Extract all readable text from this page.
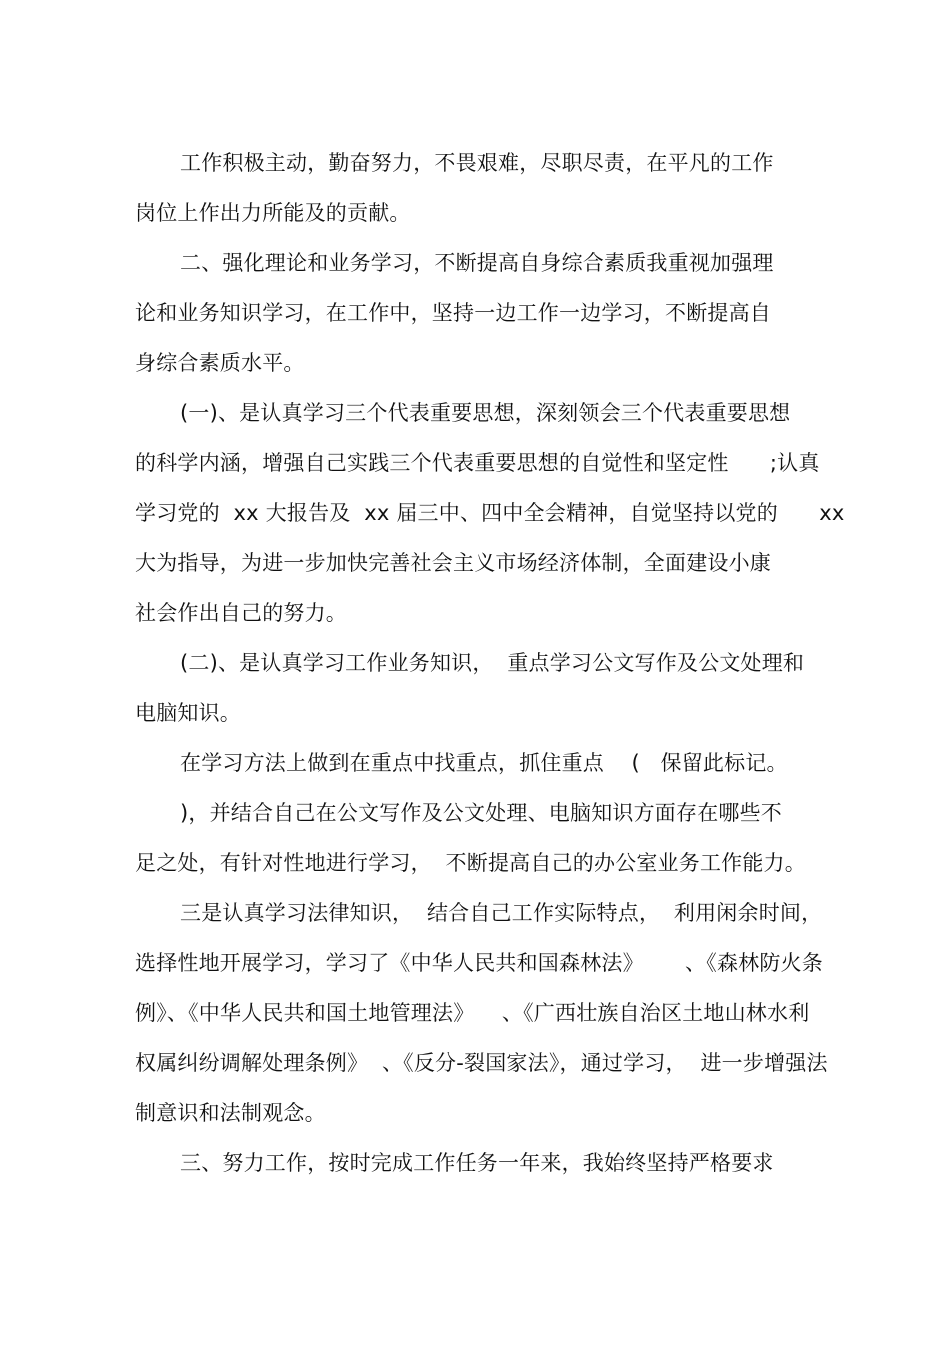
工作积极主动，勤奋努力，不畏艰难，尽职尽责，在平凡的工作
岗位上作出力所能及的贡献。
二、强化理论和业务学习，不断提高自身综合素质我重视加强理
论和业务知识学习，在工作中，坚持一边工作一边学习，不断提高自
身综合素质水平。
(一)、是认真学习三个代表重要思想，深刻领会三个代表重要思想
的科学内涵，增强自己实践三个代表重要思想的自觉性和坚定性      ;认真
学习党的  xx 大报告及  xx 届三中、四中全会精神，自觉坚持以党的      xx
大为指导，为进一步加快完善社会主义市场经济体制，全面建设小康
社会作出自己的努力。
(二)、是认真学习工作业务知识，  重点学习公文写作及公文处理和
电脑知识。
在学习方法上做到在重点中找重点，抓住重点    (   保留此标记。
)，并结合自己在公文写作及公文处理、电脑知识方面存在哪些不
足之处，有针对性地进行学习，  不断提高自己的办公室业务工作能力。
三是认真学习法律知识，  结合自己工作实际特点，  利用闲余时间，
选择性地开展学习，学习了《中华人民共和国森林法》      、《森林防火条
例》、《中华人民共和国土地管理法》    、《广西壮族自治区土地山林水利
权属纠纷调解处理条例》  、《反分-裂国家法》，通过学习，  进一步增强法
制意识和法制观念。
三、努力工作，按时完成工作任务一年来，我始终坚持严格要求
